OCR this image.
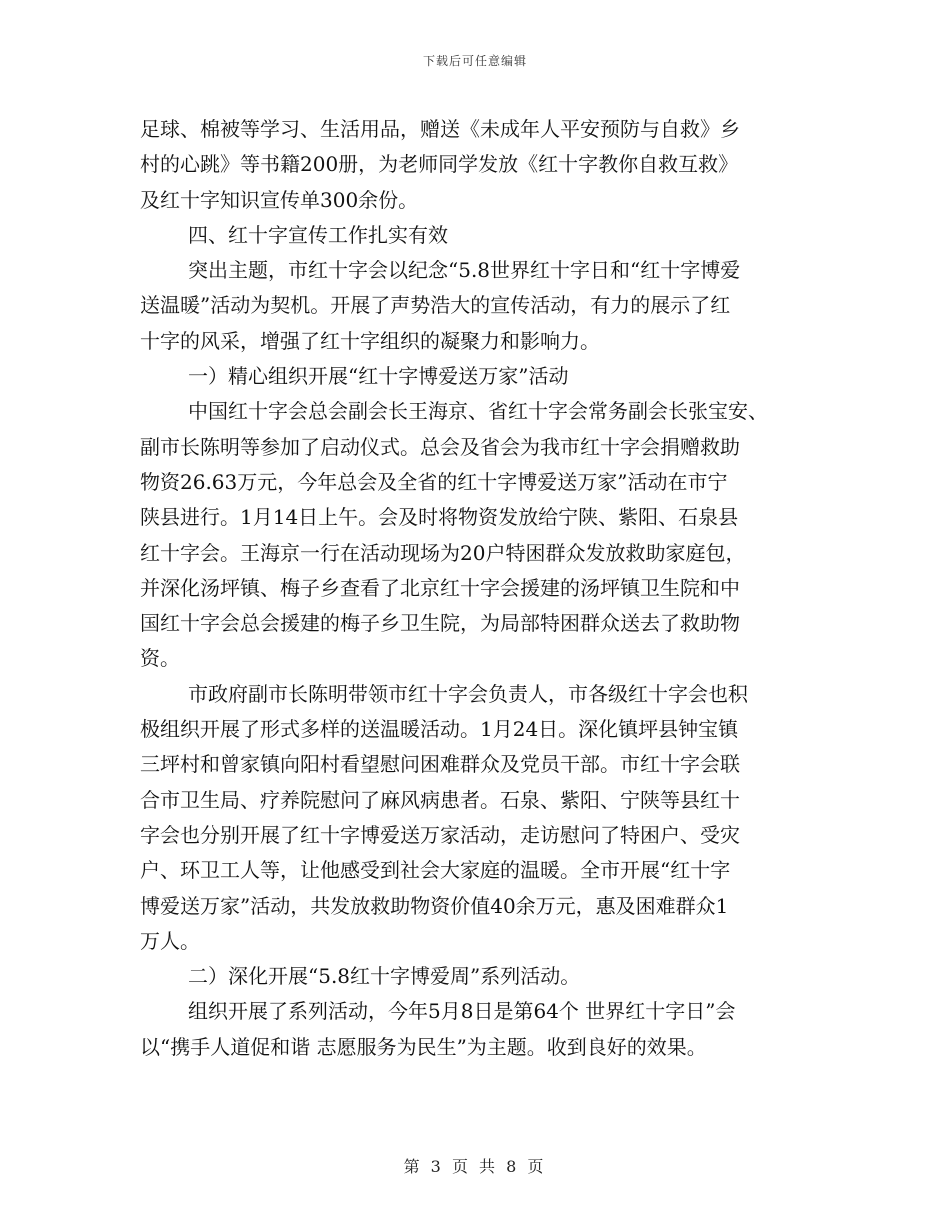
下载后可任意编辑
足球、棉被等学习、生活用品，赠送《未成年人平安预防与自救》乡
村的心跳》等书籍200册，为老师同学发放《红十字教你自救互救》
及红十字知识宣传单300余份。
四、红十字宣传工作扎实有效
突出主题，市红十字会以纪念“5.8世界红十字日和“红十字博爱
送温暖”活动为契机。开展了声势浩大的宣传活动，有力的展示了红
十字的风采，增强了红十字组织的凝聚力和影响力。
一）精心组织开展“红十字博爱送万家”活动
中国红十字会总会副会长王海京、省红十字会常务副会长张宝安、
副市长陈明等参加了启动仪式。总会及省会为我市红十字会捐赠救助
物资26.63万元，今年总会及全省的红十字博爱送万家”活动在市宁
陕县进行。1月14日上午。会及时将物资发放给宁陕、紫阳、石泉县
红十字会。王海京一行在活动现场为20户特困群众发放救助家庭包，
并深化汤坪镇、梅子乡查看了北京红十字会援建的汤坪镇卫生院和中
国红十字会总会援建的梅子乡卫生院，为局部特困群众送去了救助物
资。
市政府副市长陈明带领市红十字会负责人，市各级红十字会也积
极组织开展了形式多样的送温暖活动。1月24日。深化镇坪县钟宝镇
三坪村和曾家镇向阳村看望慰问困难群众及党员干部。市红十字会联
合市卫生局、疗养院慰问了麻风病患者。石泉、紫阳、宁陕等县红十
字会也分别开展了红十字博爱送万家活动，走访慰问了特困户、受灾
户、环卫工人等，让他感受到社会大家庭的温暖。全市开展“红十字
博爱送万家”活动，共发放救助物资价值40余万元，惠及困难群众1
万人。
二）深化开展“5.8红十字博爱周”系列活动。
组织开展了系列活动，今年5月8日是第64个 世界红十字日”会
以“携手人道促和谐 志愿服务为民生”为主题。收到良好的效果。
第 3 页 共 8 页
